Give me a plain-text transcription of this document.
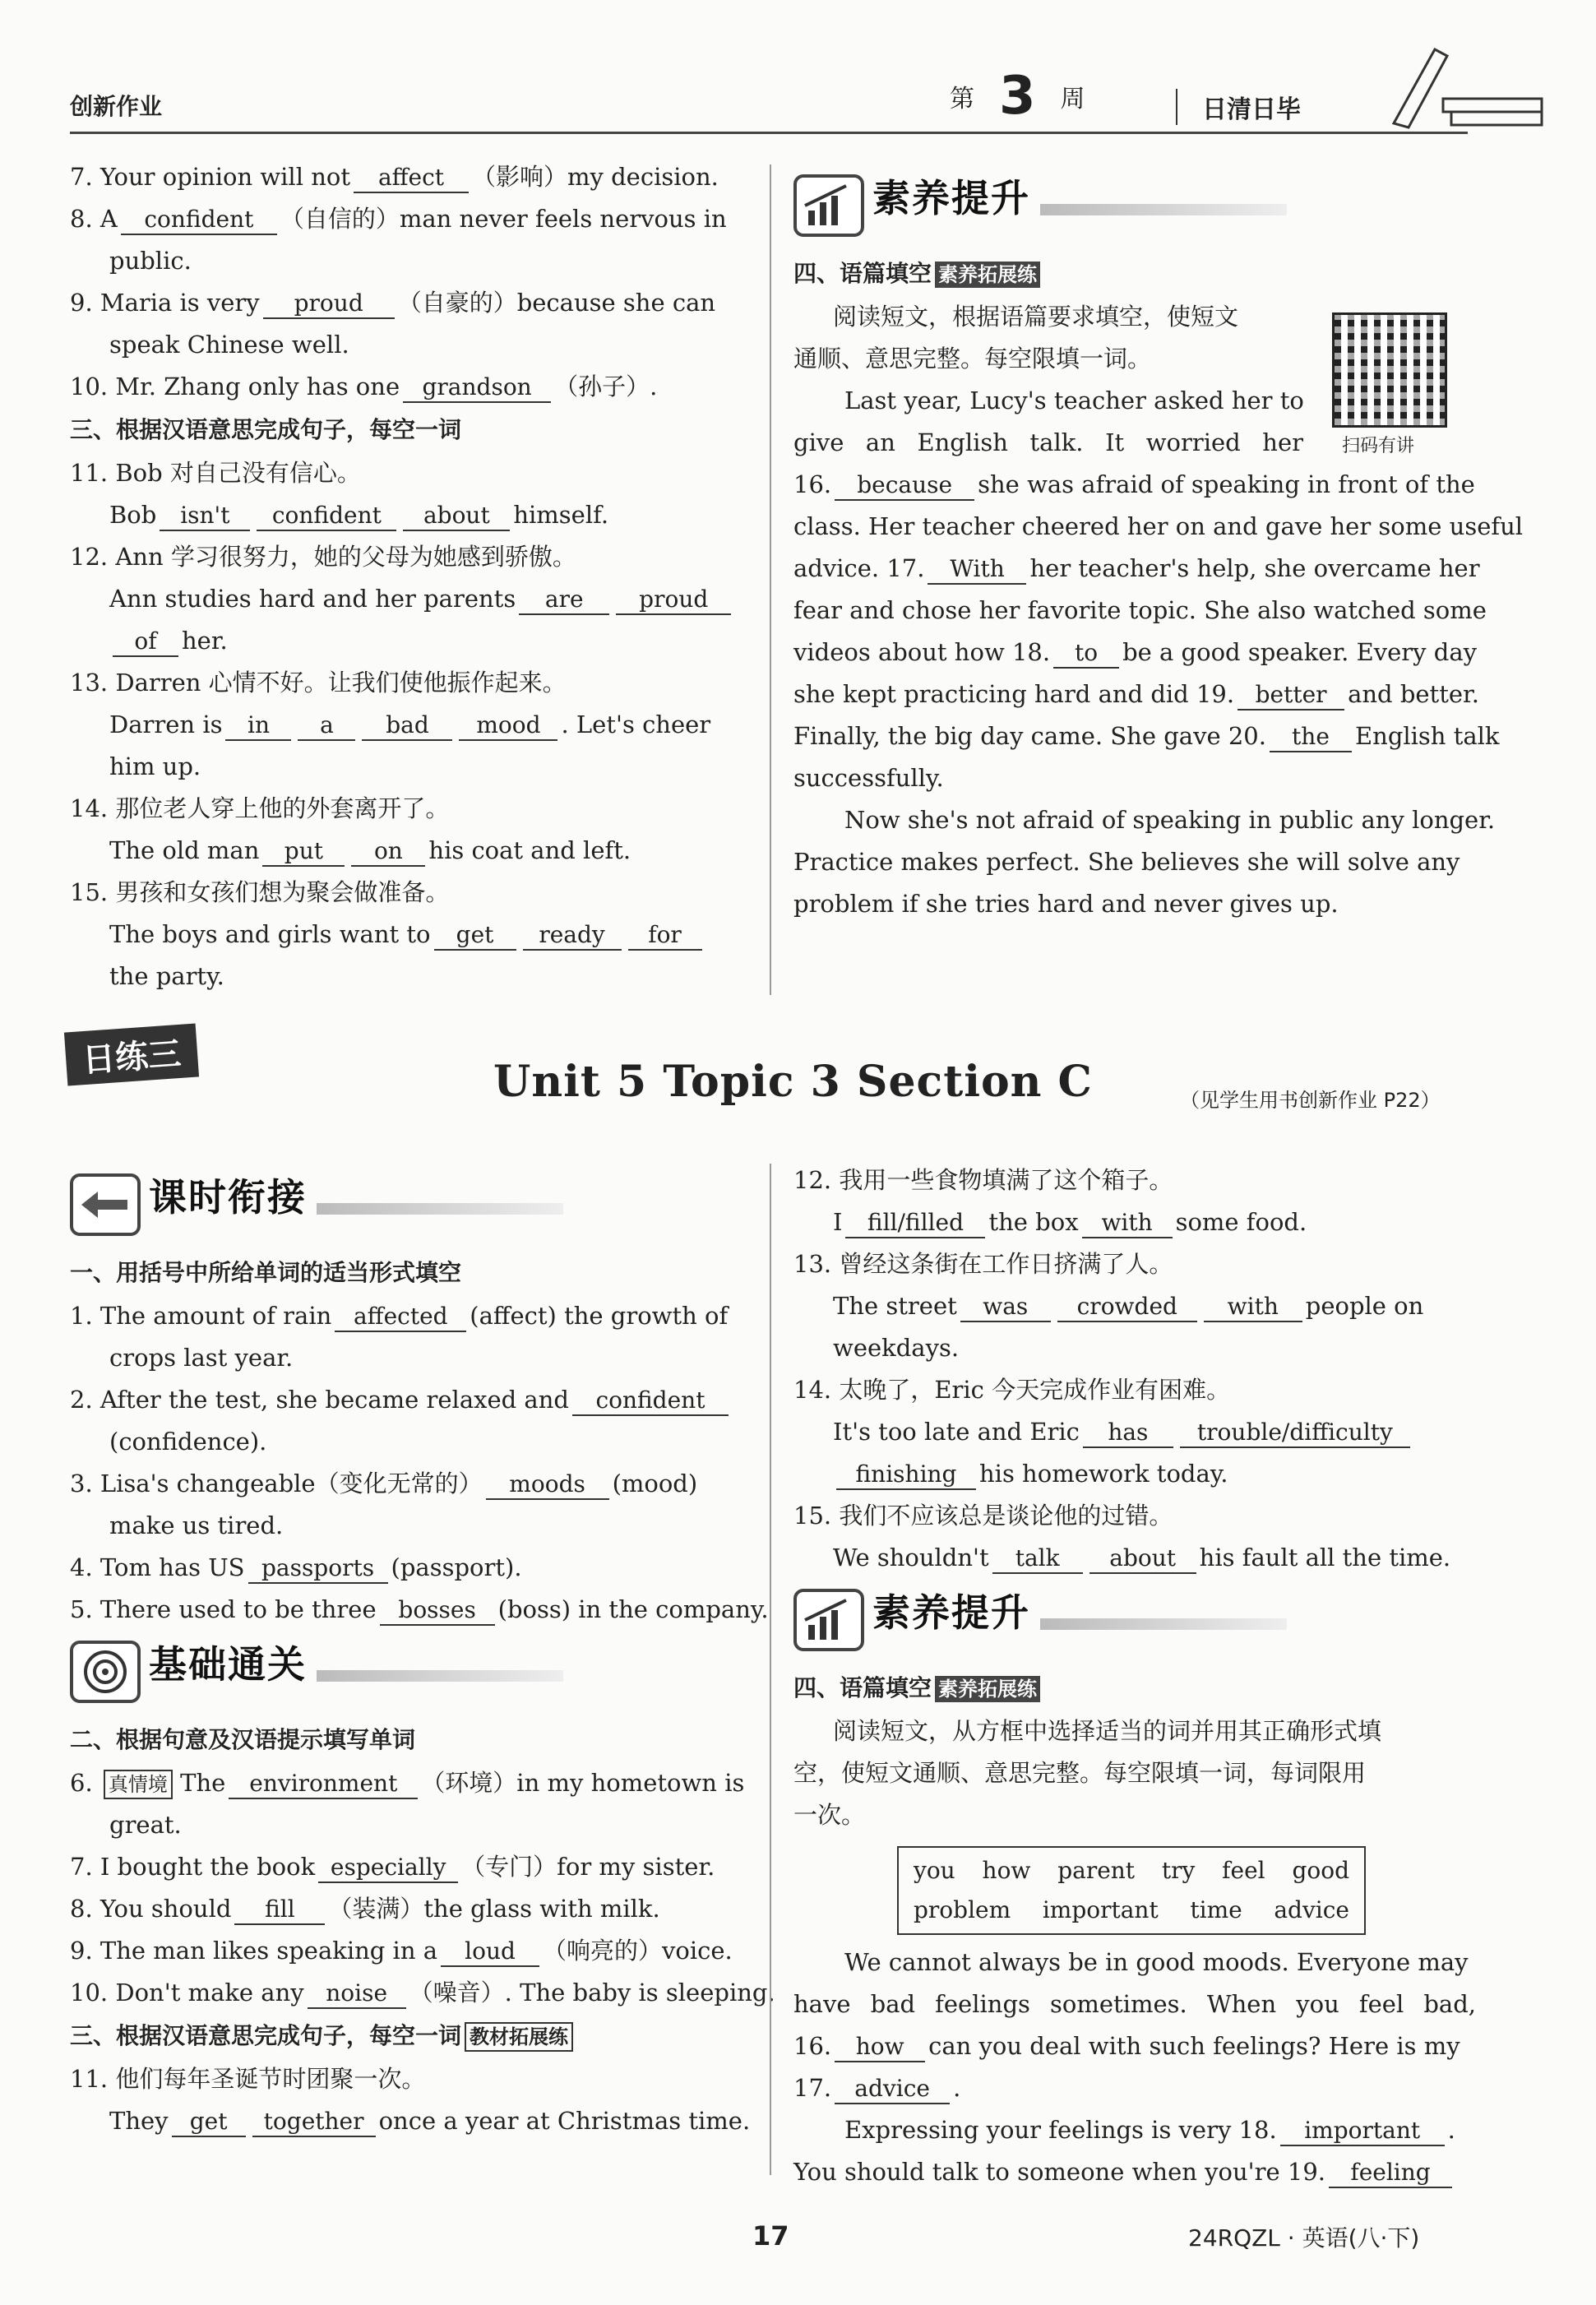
创新作业	第 3 周	日清日毕
7. Your opinion will not affect （影响）my decision.
8. A confident （自信的）man never feels nervous in
public.
9. Maria is very proud （自豪的）because she can
speak Chinese well.
10. Mr. Zhang only has one grandson （孙子）.
三、根据汉语意思完成句子，每空一词
11. Bob 对自己没有信心。
Bob isn't confident about himself.
12. Ann 学习很努力，她的父母为她感到骄傲。
Ann studies hard and her parents are proud
of her.
13. Darren 心情不好。让我们使他振作起来。
Darren is in a bad mood . Let's cheer
him up.
14. 那位老人穿上他的外套离开了。
The old man put on his coat and left.
15. 男孩和女孩们想为聚会做准备。
The boys and girls want to get ready for
the party.
素养提升
四、语篇填空 素养拓展练
阅读短文，根据语篇要求填空，使短文
通顺、意思完整。每空限填一词。
Last year, Lucy's teacher asked her to
give an English talk. It worried her
16. because she was afraid of speaking in front of the
class. Her teacher cheered her on and gave her some useful
advice. 17. With her teacher's help, she overcame her
fear and chose her favorite topic. She also watched some
videos about how 18. to be a good speaker. Every day
she kept practicing hard and did 19. better and better.
Finally, the big day came. She gave 20. the English talk
successfully.
Now she's not afraid of speaking in public any longer.
Practice makes perfect. She believes she will solve any
problem if she tries hard and never gives up.
扫码有讲
日练三	Unit 5 Topic 3 Section C	（见学生用书创新作业 P22）
课时衔接
一、用括号中所给单词的适当形式填空
1. The amount of rain affected (affect) the growth of
crops last year.
2. After the test, she became relaxed and confident
(confidence).
3. Lisa's changeable（变化无常的） moods (mood)
make us tired.
4. Tom has US passports (passport).
5. There used to be three bosses (boss) in the company.
基础通关
二、根据句意及汉语提示填写单词
6. 真情境 The environment （环境）in my hometown is
great.
7. I bought the book especially （专门）for my sister.
8. You should fill （装满）the glass with milk.
9. The man likes speaking in a loud （响亮的）voice.
10. Don't make any noise （噪音）. The baby is sleeping.
三、根据汉语意思完成句子，每空一词 教材拓展练
11. 他们每年圣诞节时团聚一次。
They get together once a year at Christmas time.
12. 我用一些食物填满了这个箱子。
I fill/filled the box with some food.
13. 曾经这条街在工作日挤满了人。
The street was crowded with people on
weekdays.
14. 太晚了，Eric 今天完成作业有困难。
It's too late and Eric has trouble/difficulty
finishing his homework today.
15. 我们不应该总是谈论他的过错。
We shouldn't talk about his fault all the time.
素养提升
四、语篇填空 素养拓展练
阅读短文，从方框中选择适当的词并用其正确形式填
空，使短文通顺、意思完整。每空限填一词，每词限用
一次。
you how parent try feel good
problem important time advice
We cannot always be in good moods. Everyone may
have bad feelings sometimes. When you feel bad,
16. how can you deal with such feelings? Here is my
17. advice .
Expressing your feelings is very 18. important .
You should talk to someone when you're 19. feeling
17	24RQZL · 英语(八·下)
